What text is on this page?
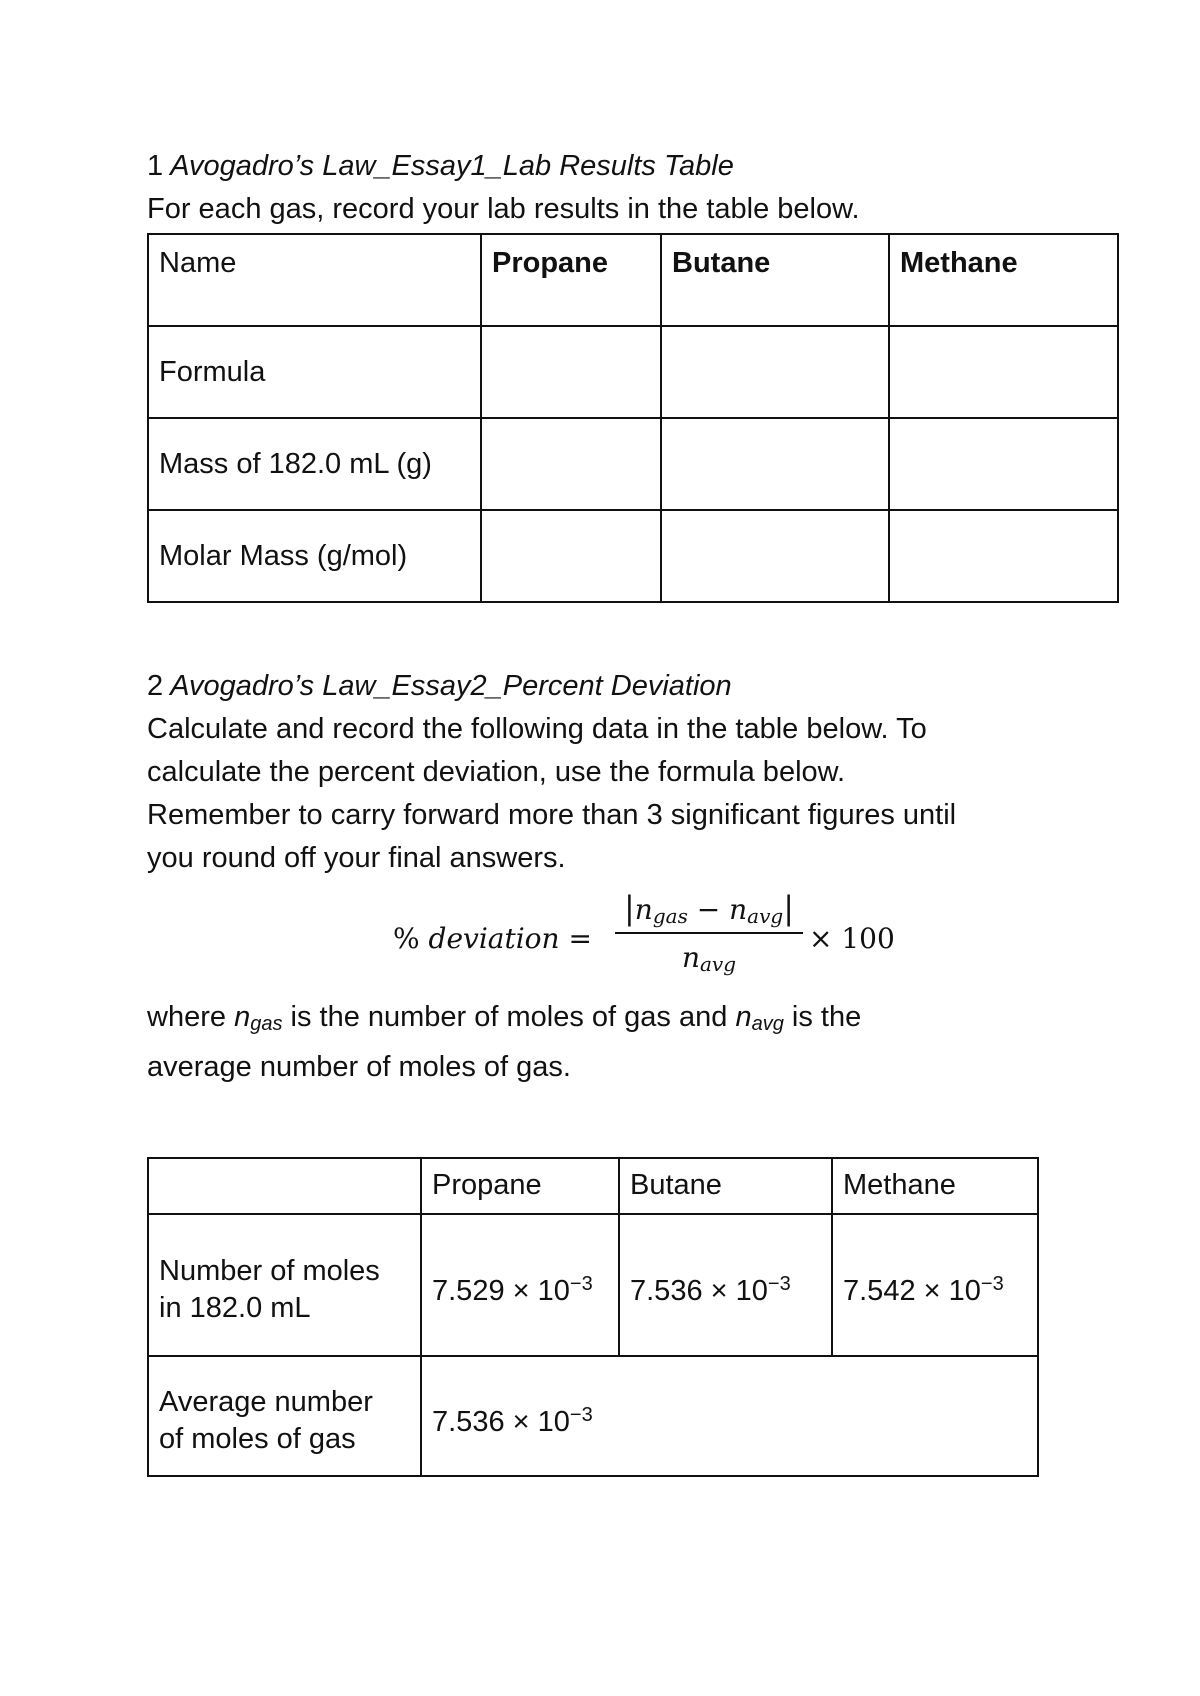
1 Avogadro’s Law_Essay1_Lab Results Table

For each gas, record your lab results in the table below.

Name	Propane	Butane	Methane
Formula			
Mass of 182.0 mL (g)			
Molar Mass (g/mol)			

2 Avogadro’s Law_Essay2_Percent Deviation

Calculate and record the following data in the table below. To

calculate the percent deviation, use the formula below.

Remember to carry forward more than 3 significant figures until

you round off your final answers.

% deviation =
$|n_{gas} - n_{avg}|$
$n_{avg}$
× 100

where $n_{gas}$ is the number of moles of gas and $n_{avg}$ is the

average number of moles of gas.

	Propane	Butane	Methane
Number of moles
in 182.0 mL	$7.529 \times 10^{-3}$	$7.536 \times 10^{-3}$	$7.542 \times 10^{-3}$
Average number
of moles of gas	$7.536 \times 10^{-3}$
